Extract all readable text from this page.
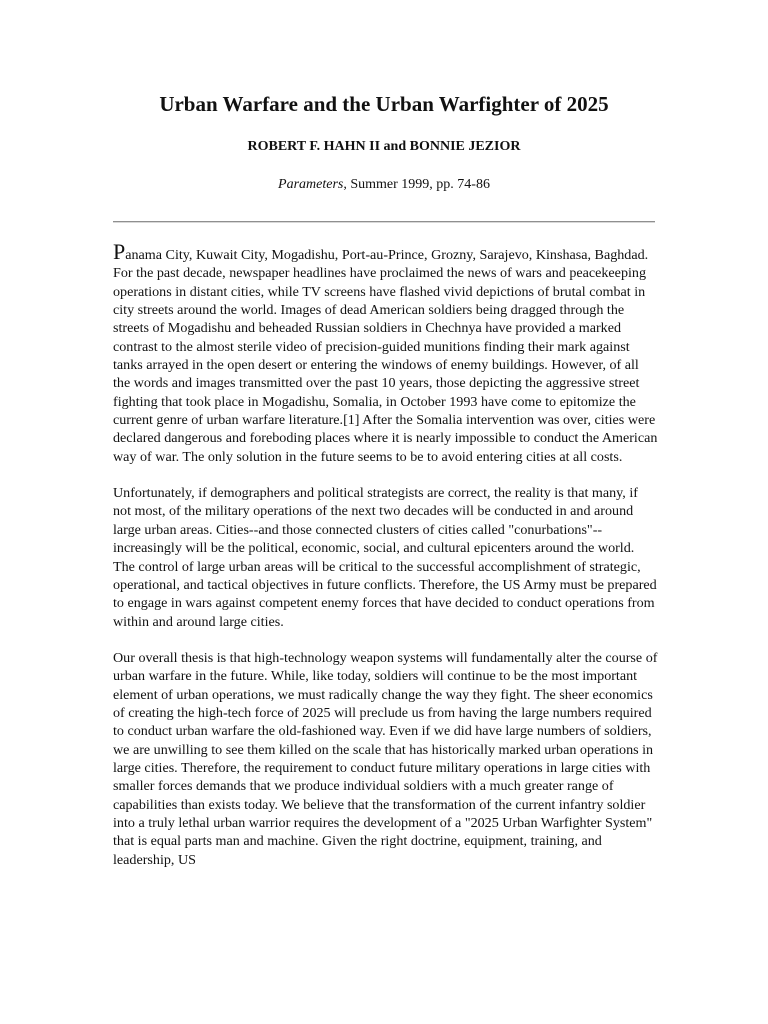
Urban Warfare and the Urban Warfighter of 2025
ROBERT F. HAHN II and BONNIE JEZIOR
Parameters, Summer 1999, pp. 74-86

Panama City, Kuwait City, Mogadishu, Port-au-Prince, Grozny, Sarajevo, Kinshasa, Baghdad. For the past decade, newspaper headlines have proclaimed the news of wars and peacekeeping operations in distant cities, while TV screens have flashed vivid depictions of brutal combat in city streets around the world. Images of dead American soldiers being dragged through the streets of Mogadishu and beheaded Russian soldiers in Chechnya have provided a marked contrast to the almost sterile video of precision-guided munitions finding their mark against tanks arrayed in the open desert or entering the windows of enemy buildings. However, of all the words and images transmitted over the past 10 years, those depicting the aggressive street fighting that took place in Mogadishu, Somalia, in October 1993 have come to epitomize the current genre of urban warfare literature.[1] After the Somalia intervention was over, cities were declared dangerous and foreboding places where it is nearly impossible to conduct the American way of war. The only solution in the future seems to be to avoid entering cities at all costs.

Unfortunately, if demographers and political strategists are correct, the reality is that many, if not most, of the military operations of the next two decades will be conducted in and around large urban areas. Cities--and those connected clusters of cities called "conurbations"--increasingly will be the political, economic, social, and cultural epicenters around the world. The control of large urban areas will be critical to the successful accomplishment of strategic, operational, and tactical objectives in future conflicts. Therefore, the US Army must be prepared to engage in wars against competent enemy forces that have decided to conduct operations from within and around large cities.

Our overall thesis is that high-technology weapon systems will fundamentally alter the course of urban warfare in the future. While, like today, soldiers will continue to be the most important element of urban operations, we must radically change the way they fight. The sheer economics of creating the high-tech force of 2025 will preclude us from having the large numbers required to conduct urban warfare the old-fashioned way. Even if we did have large numbers of soldiers, we are unwilling to see them killed on the scale that has historically marked urban operations in large cities. Therefore, the requirement to conduct future military operations in large cities with smaller forces demands that we produce individual soldiers with a much greater range of capabilities than exists today. We believe that the transformation of the current infantry soldier into a truly lethal urban warrior requires the development of a "2025 Urban Warfighter System" that is equal parts man and machine. Given the right doctrine, equipment, training, and leadership, US
